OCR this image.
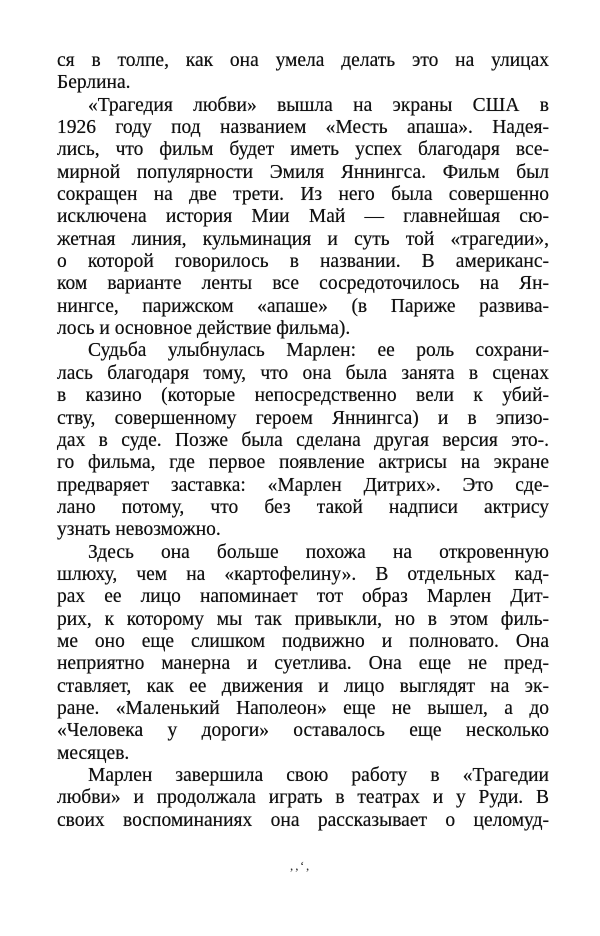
ся в толпе, как она умела делать это на улицах
Берлина.
«Трагедия любви» вышла на экраны США в
1926 году под названием «Месть апаша». Надея-
лись, что фильм будет иметь успех благодаря все-
мирной популярности Эмиля Яннингса. Фильм был
сокращен на две трети. Из него была совершенно
исключена история Мии Май — главнейшая сю-
жетная линия, кульминация и суть той «трагедии»,
о которой говорилось в названии. В американс-
ком варианте ленты все сосредоточилось на Ян-
нингсе, парижском «апаше» (в Париже развива-
лось и основное действие фильма).
Судьба улыбнулась Марлен: ее роль сохрани-
лась благодаря тому, что она была занята в сценах
в казино (которые непосредственно вели к убий-
ству, совершенному героем Яннингса) и в эпизо-
дах в суде. Позже была сделана другая версия это-.
го фильма, где первое появление актрисы на экране
предваряет заставка: «Марлен Дитрих». Это сде-
лано потому, что без такой надписи актрису
узнать невозможно.
Здесь она больше похожа на откровенную
шлюху, чем на «картофелину». В отдельных кад-
рах ее лицо напоминает тот образ Марлен Дит-
рих, к которому мы так привыкли, но в этом филь-
ме оно еще слишком подвижно и полновато. Она
неприятно манерна и суетлива. Она еще не пред-
ставляет, как ее движения и лицо выглядят на эк-
ране. «Маленький Наполеон» еще не вышел, а до
«Человека у дороги» оставалось еще несколько
месяцев.
Марлен завершила свою работу в «Трагедии
любви» и продолжала играть в театрах и у Руди. В
своих воспоминаниях она рассказывает о целомуд-
‚‚ʻ‚
